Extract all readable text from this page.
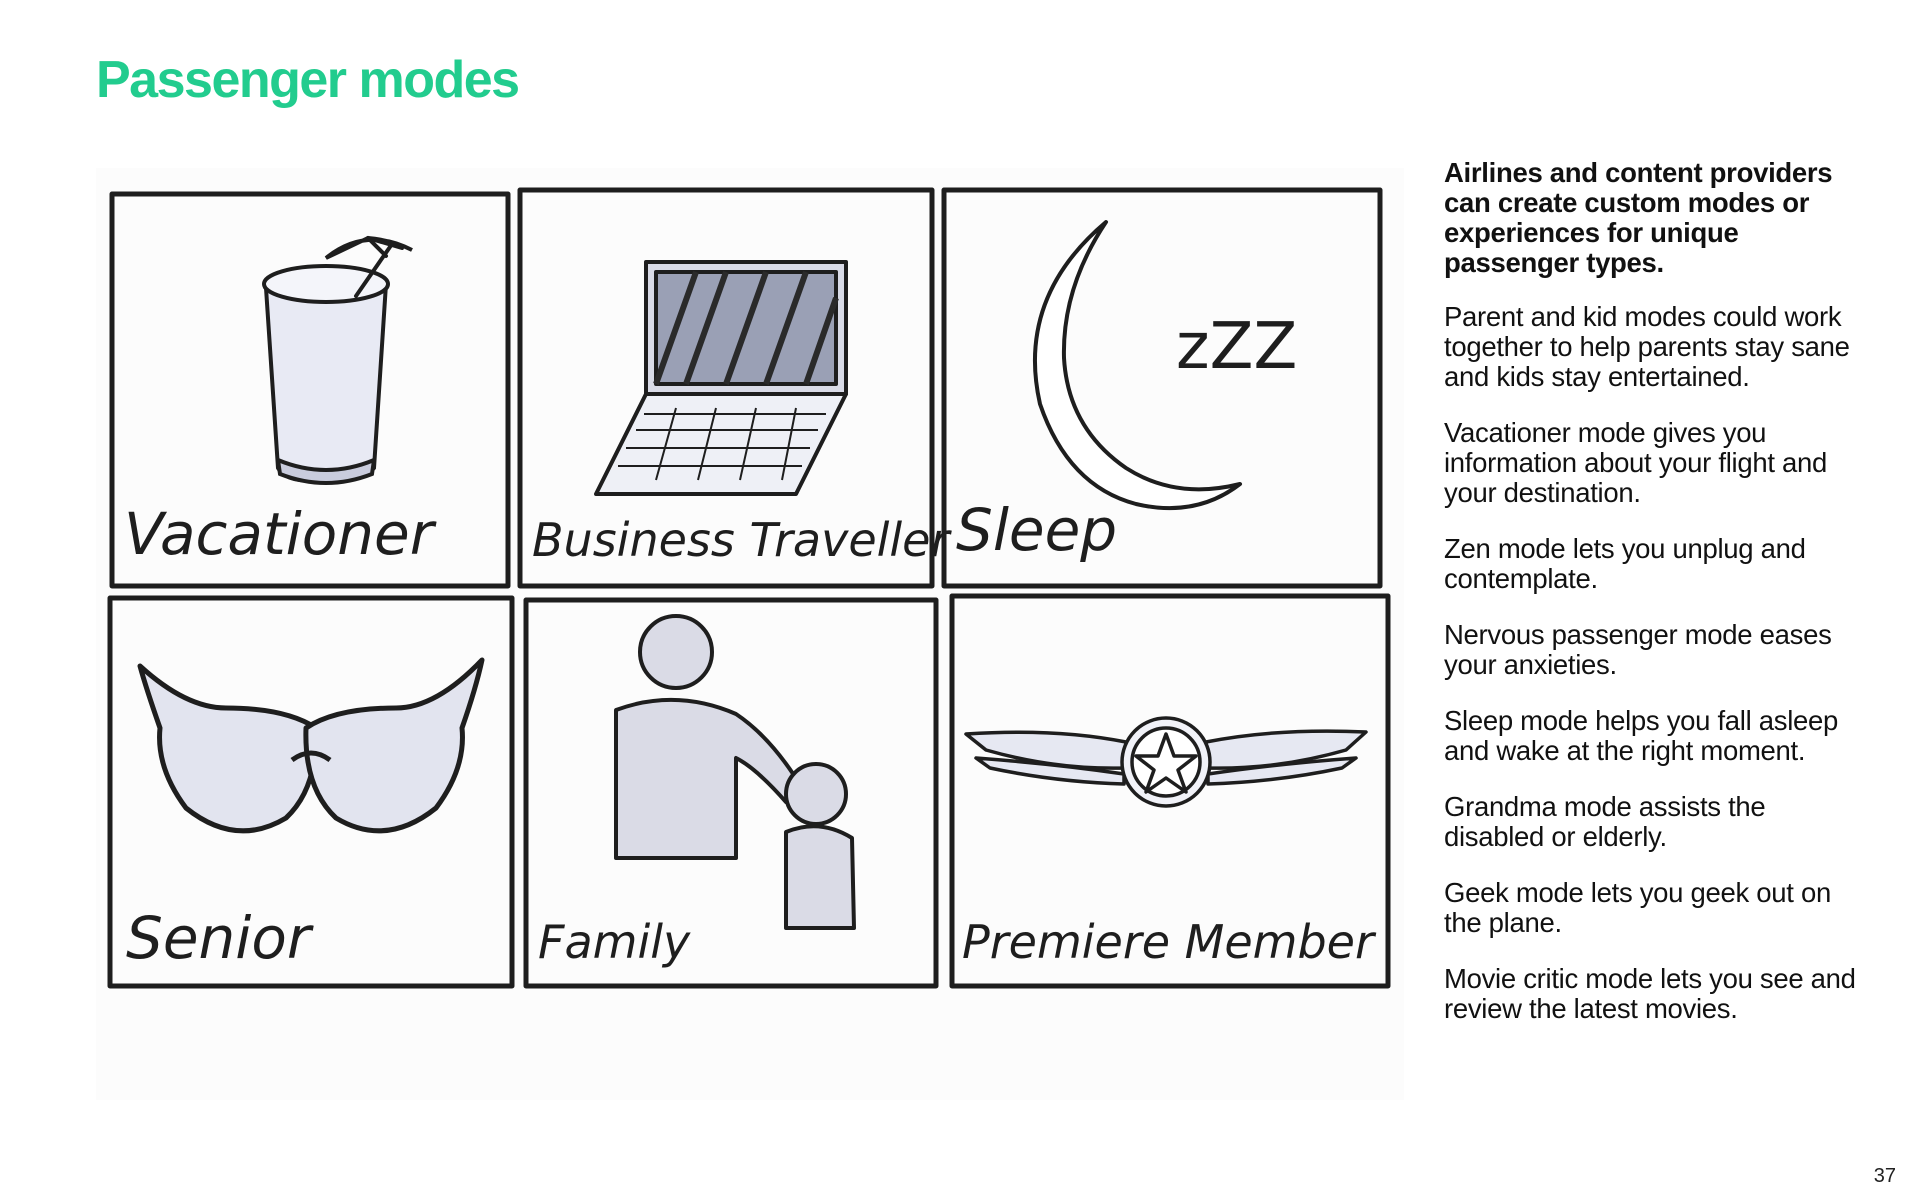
Passenger modes
Vacationer Business Traveller
zZZ
Sleep
Senior	Family	Premiere Member

Airlines and content providers can create custom modes or experiences for unique passenger types.

Parent and kid modes could work together to help parents stay sane and kids stay entertained.

Vacationer mode gives you information about your flight and your destination.

Zen mode lets you unplug and contemplate.

Nervous passenger mode eases your anxieties.

Sleep mode helps you fall asleep and wake at the right moment.

Grandma mode assists the disabled or elderly.

Geek mode lets you geek out on the plane.

Movie critic mode lets you see and review the latest movies.

37
